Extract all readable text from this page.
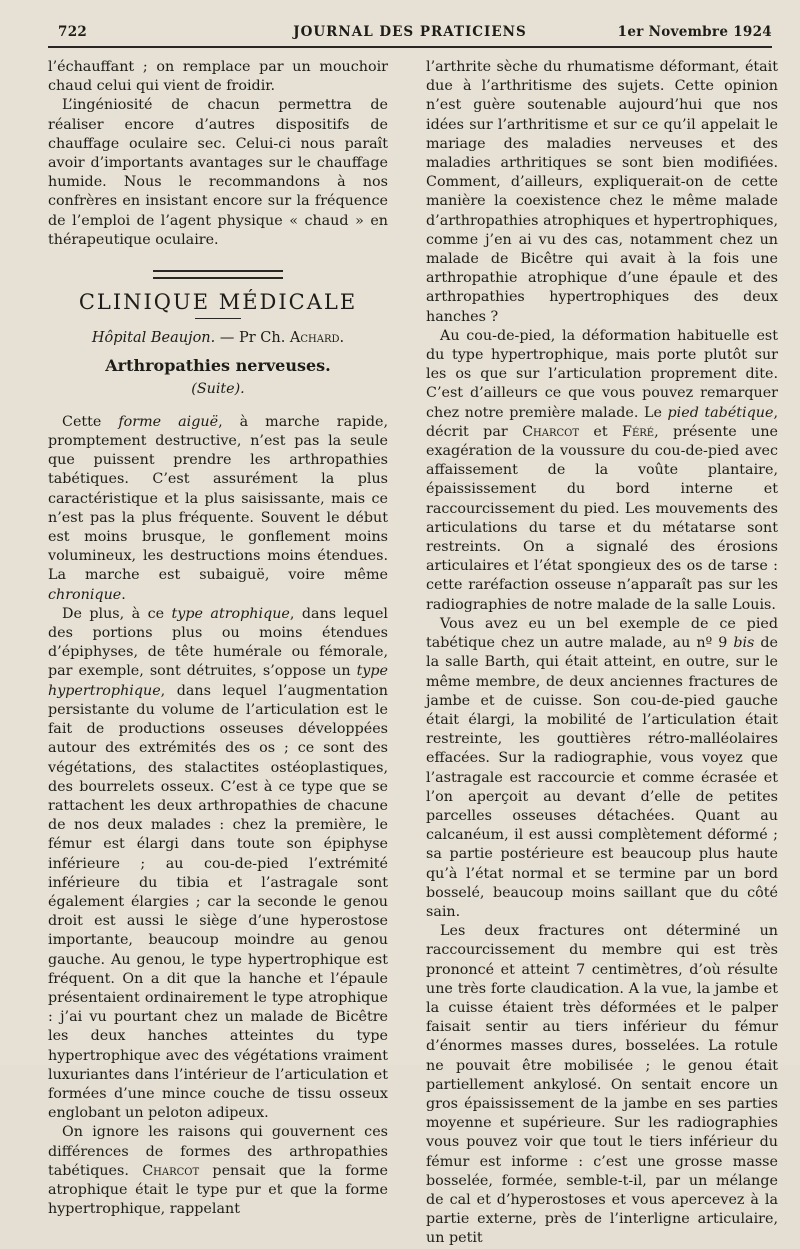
722	JOURNAL DES PRATICIENS	1er Novembre 1924

l’échauffant ; on remplace par un mouchoir chaud celui qui vient de froidir.

L’ingéniosité de chacun permettra de réaliser encore d’autres dispositifs de chauffage oculaire sec. Celui-ci nous paraît avoir d’importants avantages sur le chauffage humide. Nous le recommandons à nos confrères en insistant encore sur la fréquence de l’emploi de l’agent physique « chaud » en thérapeutique oculaire.

CLINIQUE MÉDICALE
Hôpital Beaujon. — Pr Ch. Achard.
Arthropathies nerveuses.
(Suite).

Cette forme aiguë, à marche rapide, promptement destructive, n’est pas la seule que puissent prendre les arthropathies tabétiques. C’est assurément la plus caractéristique et la plus saisissante, mais ce n’est pas la plus fréquente. Souvent le début est moins brusque, le gonflement moins volumineux, les destructions moins étendues. La marche est subaiguë, voire même chronique.

De plus, à ce type atrophique, dans lequel des portions plus ou moins étendues d’épiphyses, de tête humérale ou fémorale, par exemple, sont détruites, s’oppose un type hypertrophique, dans lequel l’augmentation persistante du volume de l’articulation est le fait de productions osseuses développées autour des extrémités des os ; ce sont des végétations, des stalactites ostéoplastiques, des bourrelets osseux. C’est à ce type que se rattachent les deux arthropathies de chacune de nos deux malades : chez la première, le fémur est élargi dans toute son épiphyse inférieure ; au cou-de-pied l’extrémité inférieure du tibia et l’astragale sont également élargies ; car la seconde le genou droit est aussi le siège d’une hyperostose importante, beaucoup moindre au genou gauche. Au genou, le type hypertrophique est fréquent. On a dit que la hanche et l’épaule présentaient ordinairement le type atrophique : j’ai vu pourtant chez un malade de Bicêtre les deux hanches atteintes du type hypertrophique avec des végétations vraiment luxuriantes dans l’intérieur de l’articulation et formées d’une mince couche de tissu osseux englobant un peloton adipeux.

On ignore les raisons qui gouvernent ces différences de formes des arthropathies tabétiques. Charcot pensait que la forme atrophique était le type pur et que la forme hypertrophique, rappelant

l’arthrite sèche du rhumatisme déformant, était due à l’arthritisme des sujets. Cette opinion n’est guère soutenable aujourd’hui que nos idées sur l’arthritisme et sur ce qu’il appelait le mariage des maladies nerveuses et des maladies arthritiques se sont bien modifiées. Comment, d’ailleurs, expliquerait-on de cette manière la coexistence chez le même malade d’arthropathies atrophiques et hypertrophiques, comme j’en ai vu des cas, notamment chez un malade de Bicêtre qui avait à la fois une arthropathie atrophique d’une épaule et des arthropathies hypertrophiques des deux hanches ?

Au cou-de-pied, la déformation habituelle est du type hypertrophique, mais porte plutôt sur les os que sur l’articulation proprement dite. C’est d’ailleurs ce que vous pouvez remarquer chez notre première malade. Le pied tabétique, décrit par Charcot et Féré, présente une exagération de la voussure du cou-de-pied avec affaissement de la voûte plantaire, épaississement du bord interne et raccourcissement du pied. Les mouvements des articulations du tarse et du métatarse sont restreints. On a signalé des érosions articulaires et l’état spongieux des os de tarse : cette raréfaction osseuse n’apparaît pas sur les radiographies de notre malade de la salle Louis.

Vous avez eu un bel exemple de ce pied tabétique chez un autre malade, au nº 9 bis de la salle Barth, qui était atteint, en outre, sur le même membre, de deux anciennes fractures de jambe et de cuisse. Son cou-de-pied gauche était élargi, la mobilité de l’articulation était restreinte, les gouttières rétro-malléolaires effacées. Sur la radiographie, vous voyez que l’astragale est raccourcie et comme écrasée et l’on aperçoit au devant d’elle de petites parcelles osseuses détachées. Quant au calcanéum, il est aussi complètement déformé ; sa partie postérieure est beaucoup plus haute qu’à l’état normal et se termine par un bord bosselé, beaucoup moins saillant que du côté sain.

Les deux fractures ont déterminé un raccourcissement du membre qui est très prononcé et atteint 7 centimètres, d’où résulte une très forte claudication. A la vue, la jambe et la cuisse étaient très déformées et le palper faisait sentir au tiers inférieur du fémur d’énormes masses dures, bosselées. La rotule ne pouvait être mobilisée ; le genou était partiellement ankylosé. On sentait encore un gros épaississement de la jambe en ses parties moyenne et supérieure. Sur les radiographies vous pouvez voir que tout le tiers inférieur du fémur est informe : c’est une grosse masse bosselée, formée, semble-t-il, par un mélange de cal et d’hyperostoses et vous apercevez à la partie externe, près de l’interligne articulaire, un petit
